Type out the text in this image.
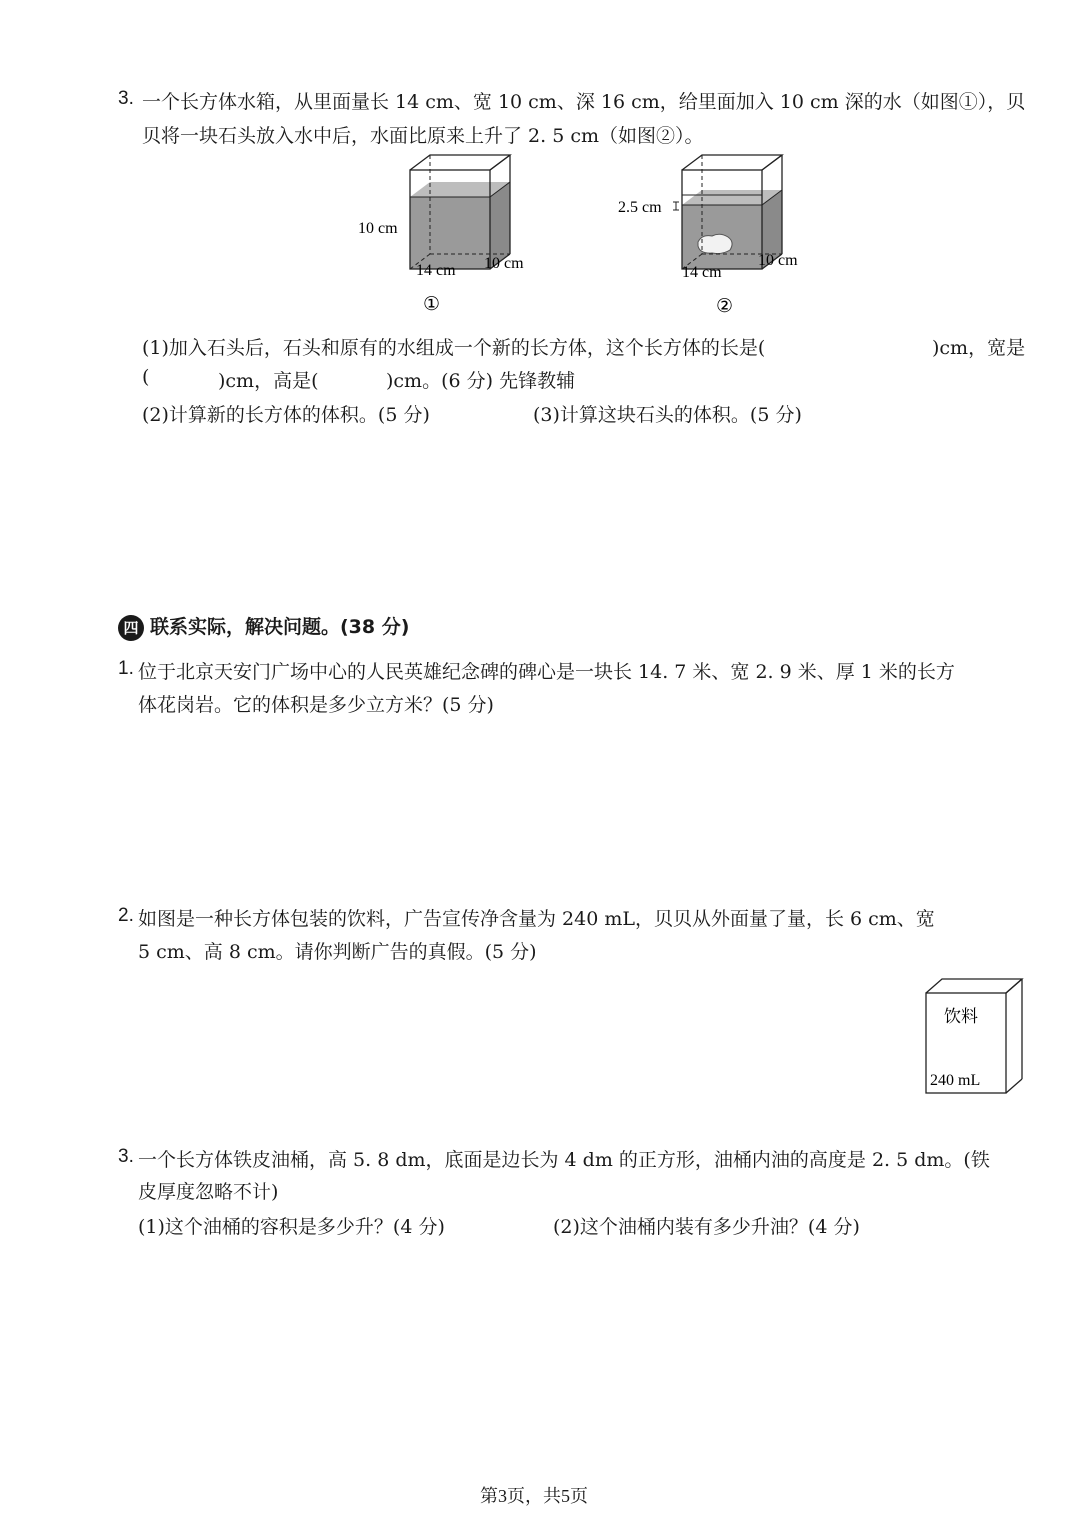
3. 一个长方体水箱，从里面量长 14 cm、宽 10 cm、深 16 cm，给里面加入 10 cm 深的水（如图①），贝
贝将一块石头放入水中后，水面比原来上升了 2. 5 cm（如图②）。
10 cm
14 cm 10 cm
①
2.5 cm
14 cm
10 cm
②
(1)加入石头后，石头和原有的水组成一个新的长方体，这个长方体的长是(	)cm，宽是
(	)cm，高是(	)cm。(6 分) 先锋教辅
(2)计算新的长方体的体积。(5 分)	(3)计算这块石头的体积。(5 分)
四 联系实际，解决问题。(38 分)
1. 位于北京天安门广场中心的人民英雄纪念碑的碑心是一块长 14. 7 米、宽 2. 9 米、厚 1 米的长方
体花岗岩。它的体积是多少立方米？(5 分)
2. 如图是一种长方体包装的饮料，广告宣传净含量为 240 mL，贝贝从外面量了量，长 6 cm、宽
5 cm、高 8 cm。请你判断广告的真假。(5 分)
饮料
240 mL
3. 一个长方体铁皮油桶，高 5. 8 dm，底面是边长为 4 dm 的正方形，油桶内油的高度是 2. 5 dm。(铁
皮厚度忽略不计)
(1)这个油桶的容积是多少升？(4 分)	(2)这个油桶内装有多少升油？(4 分)
第3页，共5页
